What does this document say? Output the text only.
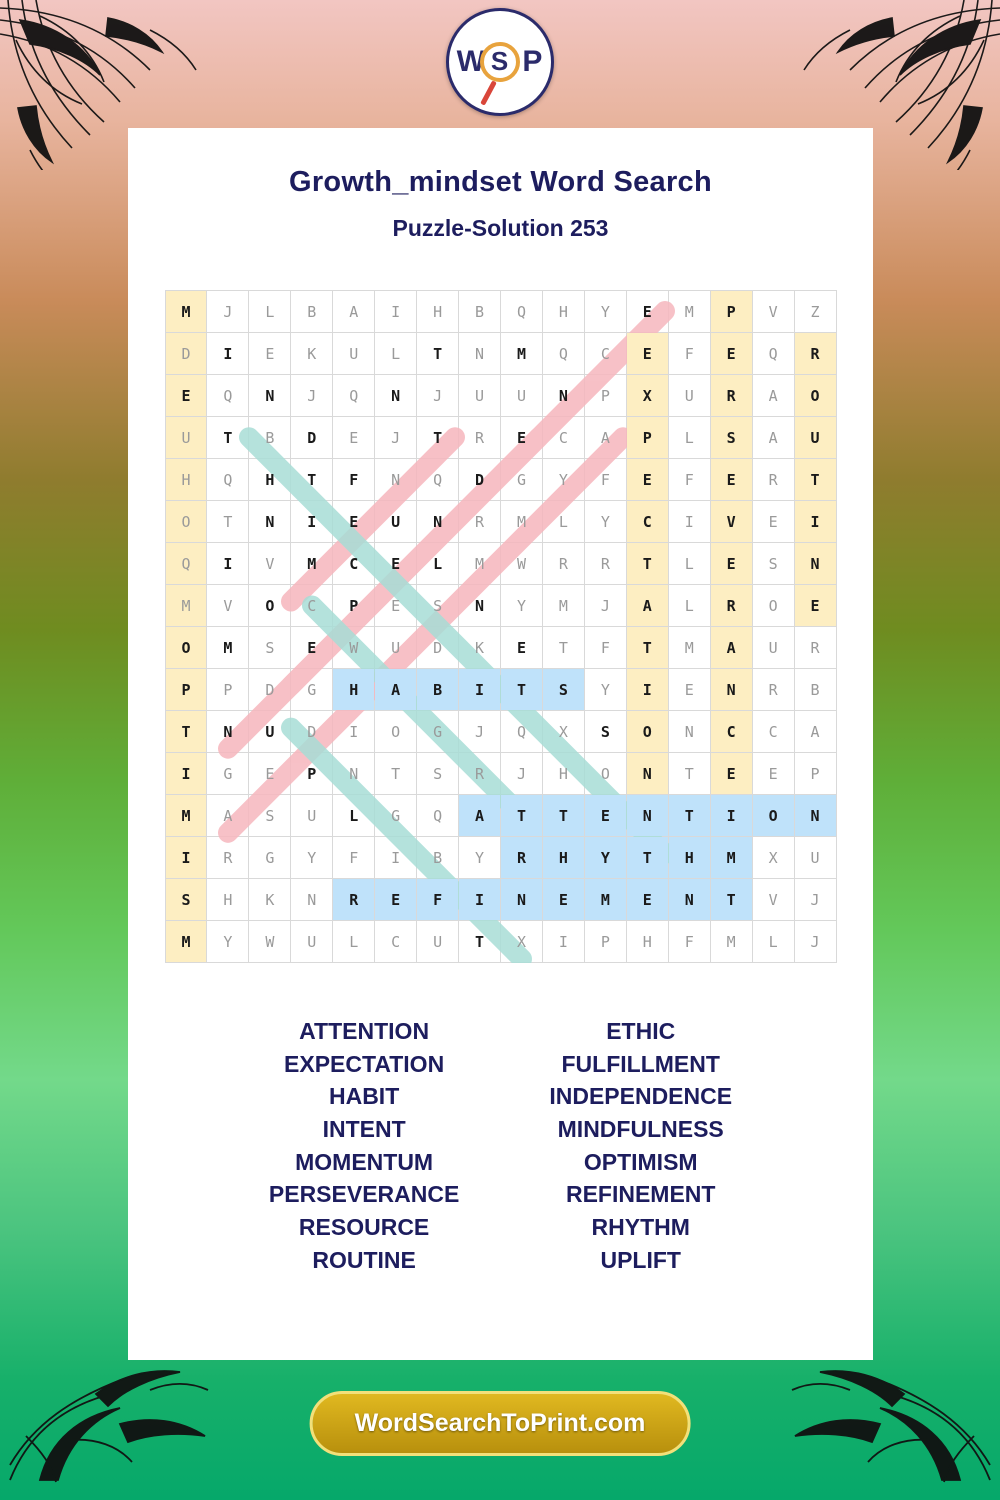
W P
S
Growth_mindset Word Search
Puzzle-Solution 253
M	J	L	B	A	I	H	B	Q	H	Y	E	M	P	V	Z
D	I	E	K	U	L	T	N	M	Q	C	E	F	E	Q	R
E	Q	N	J	Q	N	J	U	U	N	P	X	U	R	A	O
U	T	B	D	E	J	T	R	E	C	A	P	L	S	A	U
H	Q	H	T	F	N	Q	D	G	Y	F	E	F	E	R	T
O	T	N	I	E	U	N	R	M	L	Y	C	I	V	E	I
Q	I	V	M	C	E	L	M	W	R	R	T	L	E	S	N
M	V	O	C	P	E	S	N	Y	M	J	A	L	R	O	E
O	M	S	E	W	U	D	K	E	T	F	T	M	A	U	R
P	P	D	G	H	A	B	I	T	S	Y	I	E	N	R	B
T	N	U	D	I	O	G	J	Q	X	S	O	N	C	C	A
I	G	E	P	N	T	S	R	J	H	O	N	T	E	E	P
M	A	S	U	L	G	Q	A	T	T	E	N	T	I	O	N
I	R	G	Y	F	I	B	Y	R	H	Y	T	H	M	X	U
S	H	K	N	R	E	F	I	N	E	M	E	N	T	V	J
M	Y	W	U	L	C	U	T	X	I	P	H	F	M	L	J
ATTENTION
EXPECTATION
HABIT
INTENT
MOMENTUM
PERSEVERANCE
RESOURCE
ROUTINE
ETHIC
FULFILLMENT
INDEPENDENCE
MINDFULNESS
OPTIMISM
REFINEMENT
RHYTHM
UPLIFT
WordSearchToPrint.com
